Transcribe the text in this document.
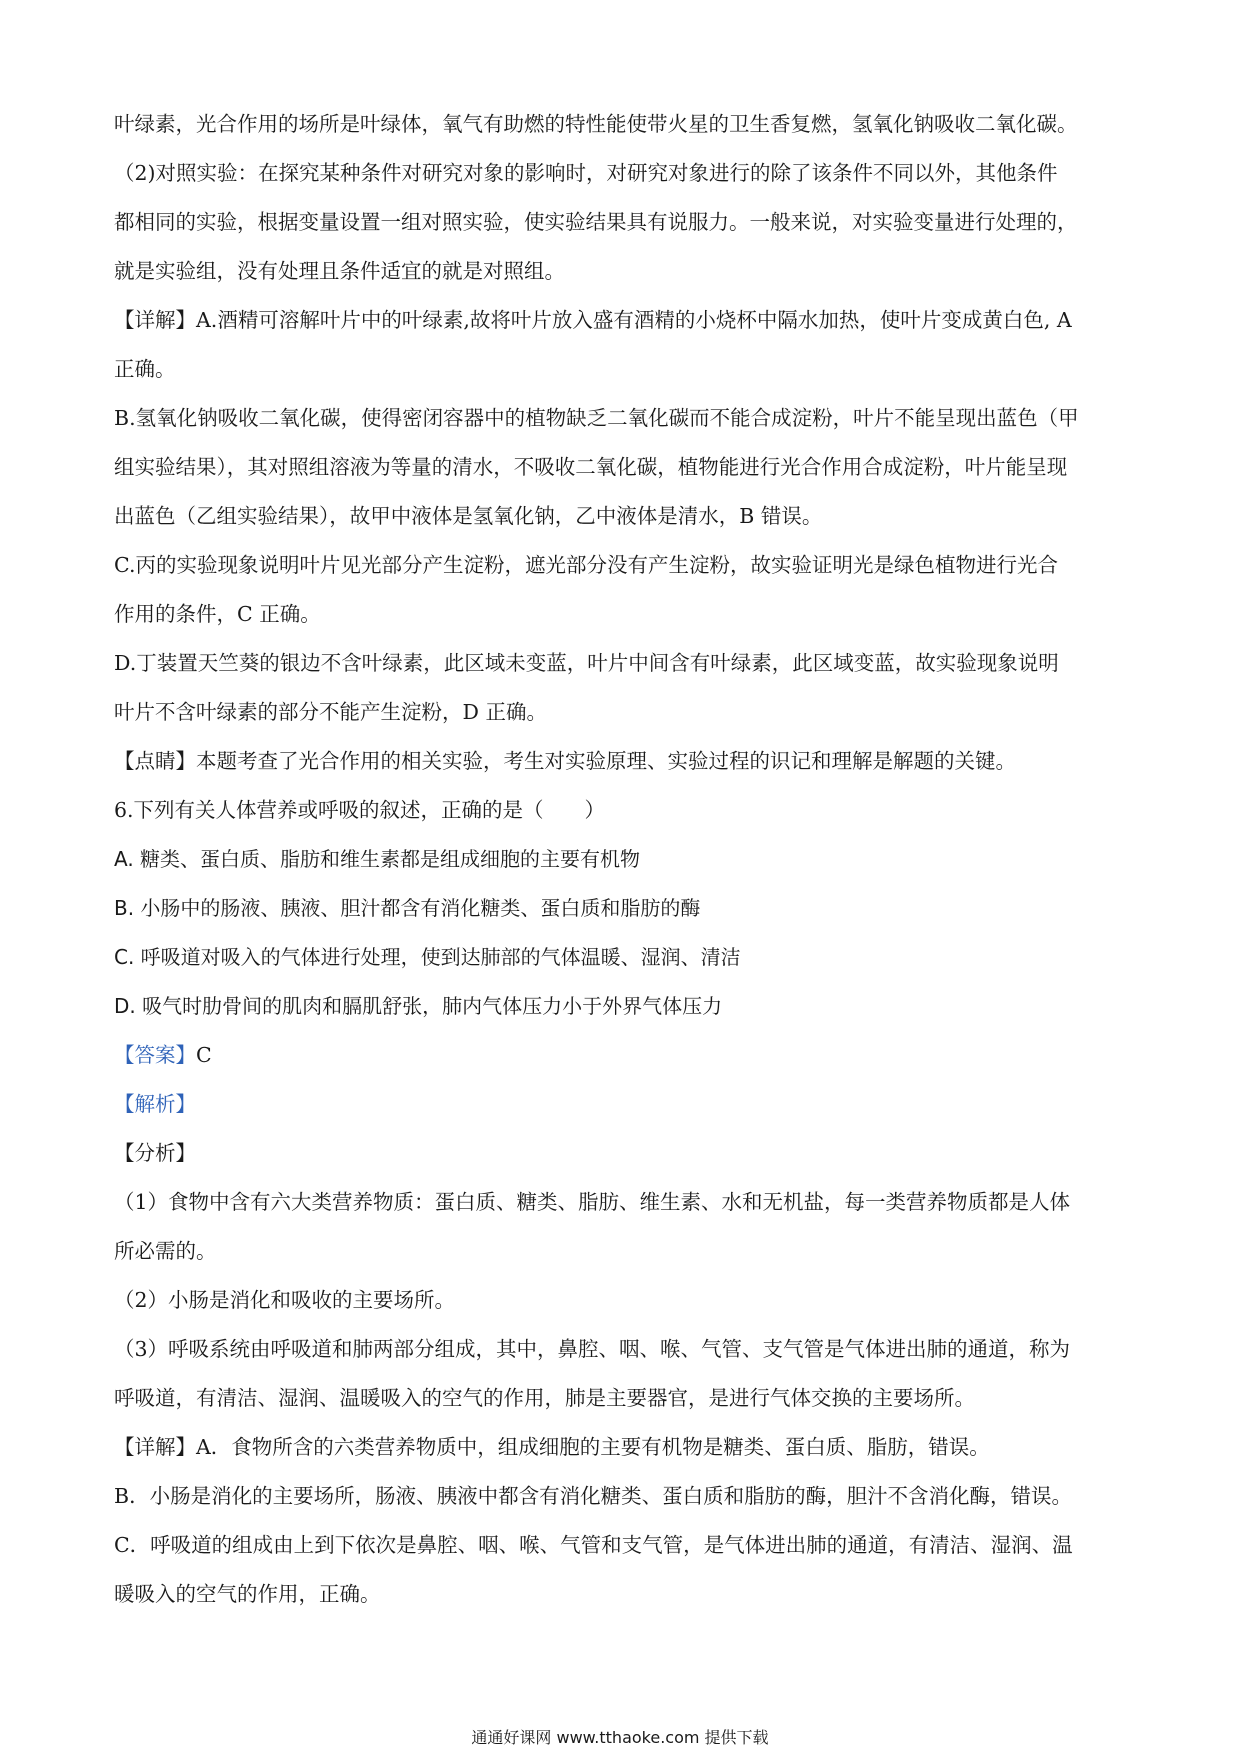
叶绿素，光合作用的场所是叶绿体，氧气有助燃的特性能使带火星的卫生香复燃，氢氧化钠吸收二氧化碳。
（2)对照实验：在探究某种条件对研究对象的影响时，对研究对象进行的除了该条件不同以外，其他条件
都相同的实验，根据变量设置一组对照实验，使实验结果具有说服力。一般来说，对实验变量进行处理的，
就是实验组，没有处理且条件适宜的就是对照组。
【详解】A.酒精可溶解叶片中的叶绿素,故将叶片放入盛有酒精的小烧杯中隔水加热，使叶片变成黄白色, A
正确。
B.氢氧化钠吸收二氧化碳，使得密闭容器中的植物缺乏二氧化碳而不能合成淀粉，叶片不能呈现出蓝色（甲
组实验结果），其对照组溶液为等量的清水，不吸收二氧化碳，植物能进行光合作用合成淀粉，叶片能呈现
出蓝色（乙组实验结果），故甲中液体是氢氧化钠，乙中液体是清水，B 错误。
C.丙的实验现象说明叶片见光部分产生淀粉，遮光部分没有产生淀粉，故实验证明光是绿色植物进行光合
作用的条件，C 正确。
D.丁装置天竺葵的银边不含叶绿素，此区域未变蓝，叶片中间含有叶绿素，此区域变蓝，故实验现象说明
叶片不含叶绿素的部分不能产生淀粉，D 正确。
【点睛】本题考查了光合作用的相关实验，考生对实验原理、实验过程的识记和理解是解题的关键。
6.下列有关人体营养或呼吸的叙述，正确的是（　　）
A. 糖类、蛋白质、脂肪和维生素都是组成细胞的主要有机物
B. 小肠中的肠液、胰液、胆汁都含有消化糖类、蛋白质和脂肪的酶
C. 呼吸道对吸入的气体进行处理，使到达肺部的气体温暖、湿润、清洁
D. 吸气时肋骨间的肌肉和膈肌舒张，肺内气体压力小于外界气体压力
【答案】C
【解析】
【分析】
（1）食物中含有六大类营养物质：蛋白质、糖类、脂肪、维生素、水和无机盐，每一类营养物质都是人体
所必需的。
（2）小肠是消化和吸收的主要场所。
（3）呼吸系统由呼吸道和肺两部分组成，其中，鼻腔、咽、喉、气管、支气管是气体进出肺的通道，称为
呼吸道，有清洁、湿润、温暖吸入的空气的作用，肺是主要器官，是进行气体交换的主要场所。
【详解】A．食物所含的六类营养物质中，组成细胞的主要有机物是糖类、蛋白质、脂肪，错误。
B．小肠是消化的主要场所，肠液、胰液中都含有消化糖类、蛋白质和脂肪的酶，胆汁不含消化酶，错误。
C．呼吸道的组成由上到下依次是鼻腔、咽、喉、气管和支气管，是气体进出肺的通道，有清洁、湿润、温
暖吸入的空气的作用，正确。
通通好课网 www.tthaoke.com 提供下载
